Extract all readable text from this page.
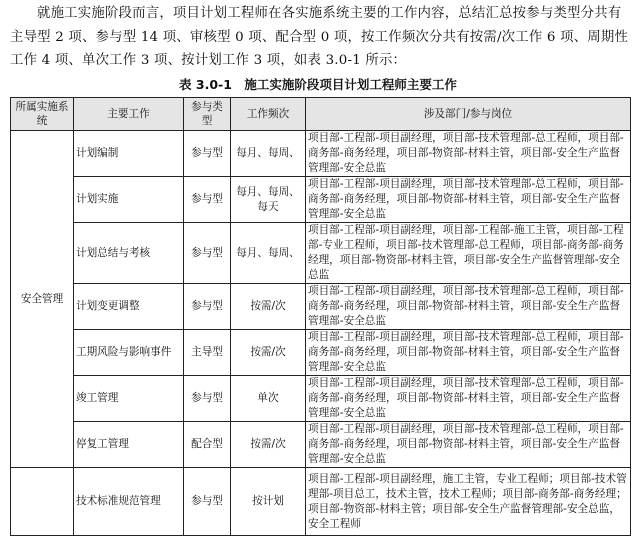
就施工实施阶段而言，项目计划工程师在各实施系统主要的工作内容，总结汇总按参与类型分共有主导型 2 项、参与型 14 项、审核型 0 项、配合型 0 项，按工作频次分共有按需/次工作 6 项、周期性工作 4 项、单次工作 3 项、按计划工作 3 项，如表 3.0-1 所示：

表 3.0-1　施工实施阶段项目计划工程师主要工作

所属实施系统	主要工作	参与类型	工作频次	涉及部门/参与岗位
安全管理	计划编制	参与型	每月、每周、	项目部-工程部-项目副经理，项目部-技术管理部-总工程师，项目部-商务部-商务经理，项目部-物资部-材料主管，项目部-安全生产监督管理部-安全总监
	计划实施	参与型	每月、每周、每天	项目部-工程部-项目副经理，项目部-技术管理部-总工程师，项目部-商务部-商务经理，项目部-物资部-材料主管，项目部-安全生产监督管理部-安全总监
	计划总结与考核	参与型	每月、每周、	项目部-工程部-项目副经理，项目部-工程部-施工主管，项目部-工程部-专业工程师，项目部-技术管理部-总工程师，项目部-商务部-商务经理，项目部-物资部-材料主管，项目部-安全生产监督管理部-安全总监
	计划变更调整	参与型	按需/次	项目部-工程部-项目副经理，项目部-技术管理部-总工程师，项目部-商务部-商务经理，项目部-物资部-材料主管，项目部-安全生产监督管理部-安全总监
	工期风险与影响事件	主导型	按需/次	项目部-工程部-项目副经理，项目部-技术管理部-总工程师，项目部-商务部-商务经理，项目部-物资部-材料主管，项目部-安全生产监督管理部-安全总监
	竣工管理	参与型	单次	项目部-工程部-项目副经理，项目部-技术管理部-总工程师，项目部-商务部-商务经理，项目部-物资部-材料主管，项目部-安全生产监督管理部-安全总监
	停复工管理	配合型	按需/次	项目部-工程部-项目副经理，项目部-技术管理部-总工程师，项目部-商务部-商务经理，项目部-物资部-材料主管，项目部-安全生产监督管理部-安全总监
	技术标准规范管理	参与型	按计划	项目部-工程部-项目副经理，施工主管，专业工程师；项目部-技术管理部-项目总工，技术主管，技术工程师；项目部-商务部-商务经理；项目部-物资部-材料主管；项目部-安全生产监督管理部-安全总监，安全工程师
